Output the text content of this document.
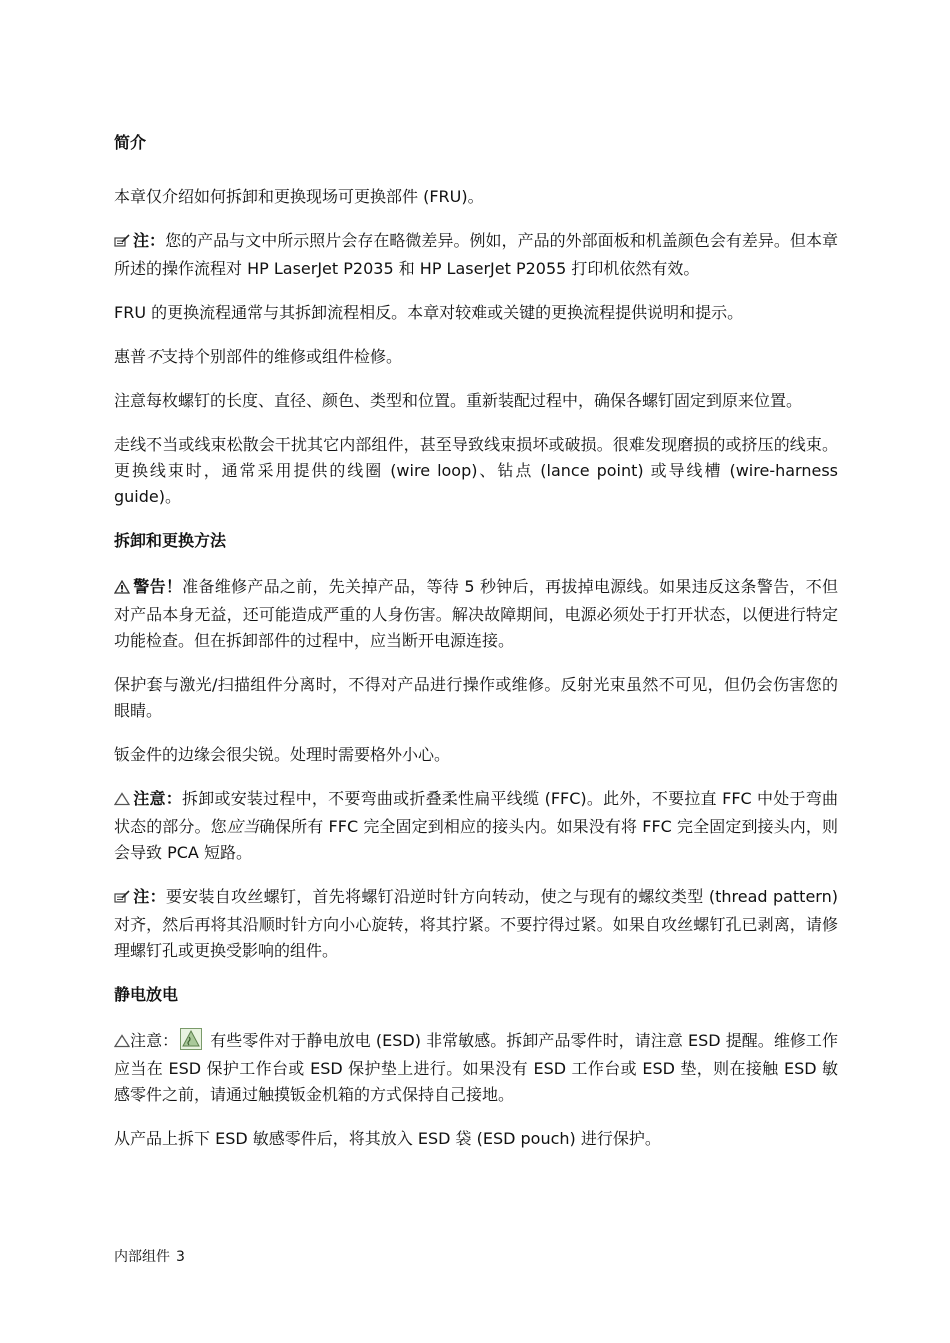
简介

本章仅介绍如何拆卸和更换现场可更换部件 (FRU)。

注：您的产品与文中所示照片会存在略微差异。例如，产品的外部面板和机盖颜色会有差异。但本章所述的操作流程对 HP LaserJet P2035 和 HP LaserJet P2055 打印机依然有效。

FRU 的更换流程通常与其拆卸流程相反。本章对较难或关键的更换流程提供说明和提示。

惠普不支持个别部件的维修或组件检修。

注意每枚螺钉的长度、直径、颜色、类型和位置。重新装配过程中，确保各螺钉固定到原来位置。

走线不当或线束松散会干扰其它内部组件，甚至导致线束损坏或破损。很难发现磨损的或挤压的线束。更换线束时，通常采用提供的线圈 (wire loop)、钻点 (lance point) 或导线槽 (wire-harness guide)。

拆卸和更换方法

警告！准备维修产品之前，先关掉产品，等待 5 秒钟后，再拔掉电源线。如果违反这条警告，不但对产品本身无益，还可能造成严重的人身伤害。解决故障期间，电源必须处于打开状态，以便进行特定功能检查。但在拆卸部件的过程中，应当断开电源连接。

保护套与激光/扫描组件分离时，不得对产品进行操作或维修。反射光束虽然不可见，但仍会伤害您的眼睛。

钣金件的边缘会很尖锐。处理时需要格外小心。

注意：拆卸或安装过程中，不要弯曲或折叠柔性扁平线缆 (FFC)。此外，不要拉直 FFC 中处于弯曲状态的部分。您应当确保所有 FFC 完全固定到相应的接头内。如果没有将 FFC 完全固定到接头内，则会导致 PCA 短路。

注：要安装自攻丝螺钉，首先将螺钉沿逆时针方向转动，使之与现有的螺纹类型 (thread pattern) 对齐，然后再将其沿顺时针方向小心旋转，将其拧紧。不要拧得过紧。如果自攻丝螺钉孔已剥离，请修理螺钉孔或更换受影响的组件。

静电放电

注意： 有些零件对于静电放电 (ESD) 非常敏感。拆卸产品零件时，请注意 ESD 提醒。维修工作应当在 ESD 保护工作台或 ESD 保护垫上进行。如果没有 ESD 工作台或 ESD 垫，则在接触 ESD 敏感零件之前，请通过触摸钣金机箱的方式保持自己接地。

从产品上拆下 ESD 敏感零件后，将其放入 ESD 袋 (ESD pouch) 进行保护。

内部组件 3
